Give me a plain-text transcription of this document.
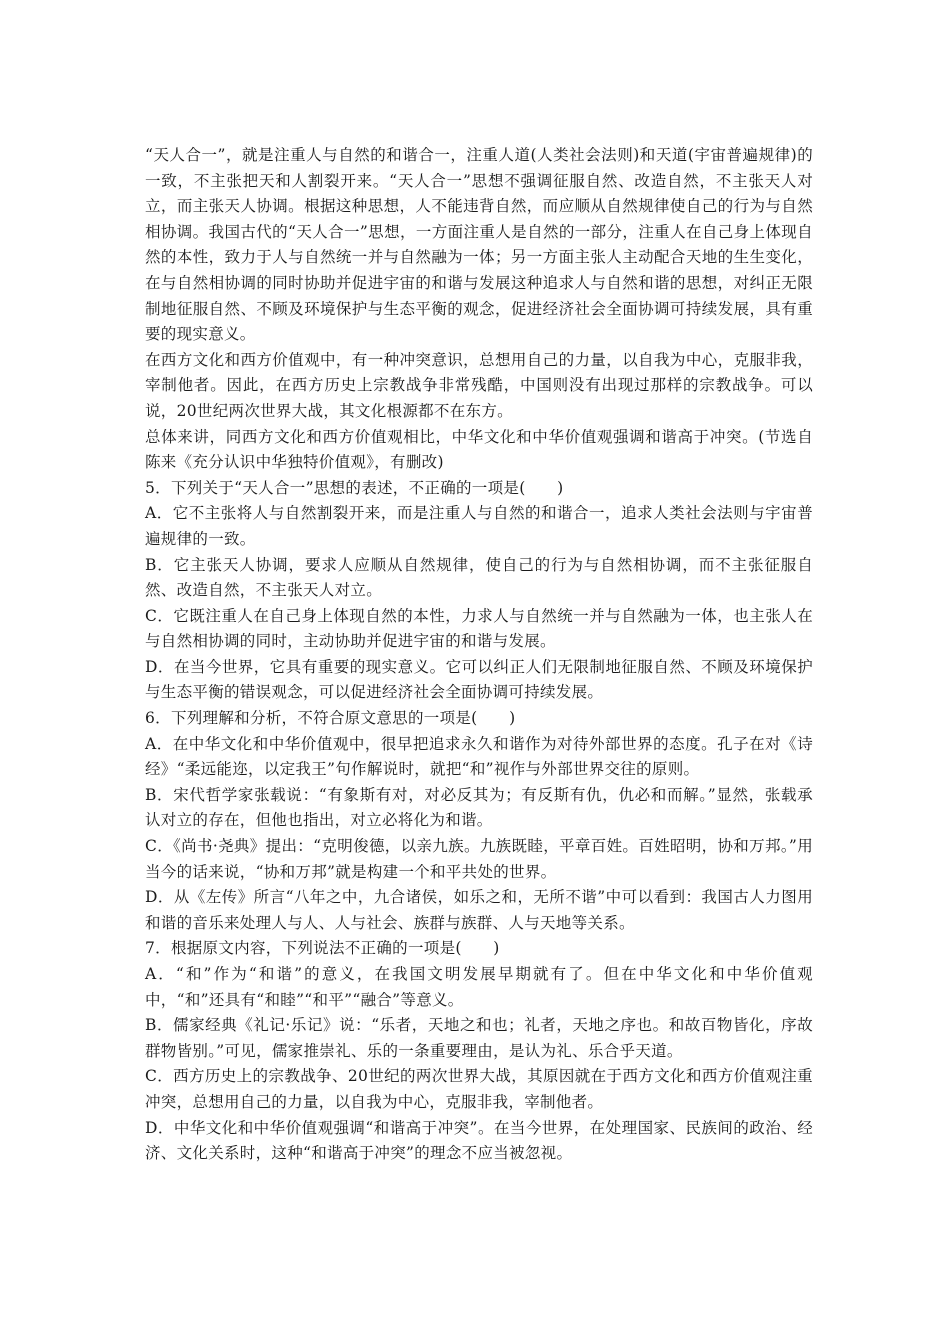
“天人合一”，就是注重人与自然的和谐合一，注重人道(人类社会法则)和天道(宇宙普遍规律)的一致，不主张把天和人割裂开来。“天人合一”思想不强调征服自然、改造自然，不主张天人对立，而主张天人协调。根据这种思想，人不能违背自然，而应顺从自然规律使自己的行为与自然相协调。我国古代的“天人合一”思想，一方面注重人是自然的一部分，注重人在自己身上体现自然的本性，致力于人与自然统一并与自然融为一体；另一方面主张人主动配合天地的生生变化，在与自然相协调的同时协助并促进宇宙的和谐与发展这种追求人与自然和谐的思想，对纠正无限制地征服自然、不顾及环境保护与生态平衡的观念，促进经济社会全面协调可持续发展，具有重要的现实意义。

在西方文化和西方价值观中，有一种冲突意识，总想用自己的力量，以自我为中心，克服非我，宰制他者。因此，在西方历史上宗教战争非常残酷，中国则没有出现过那样的宗教战争。可以说，20世纪两次世界大战，其文化根源都不在东方。

总体来讲，同西方文化和西方价值观相比，中华文化和中华价值观强调和谐高于冲突。(节选自陈来《充分认识中华独特价值观》，有删改)

5．下列关于“天人合一”思想的表述，不正确的一项是(　　)

A．它不主张将人与自然割裂开来，而是注重人与自然的和谐合一，追求人类社会法则与宇宙普遍规律的一致。

B．它主张天人协调，要求人应顺从自然规律，使自己的行为与自然相协调，而不主张征服自然、改造自然，不主张天人对立。

C．它既注重人在自己身上体现自然的本性，力求人与自然统一并与自然融为一体，也主张人在与自然相协调的同时，主动协助并促进宇宙的和谐与发展。

D．在当今世界，它具有重要的现实意义。它可以纠正人们无限制地征服自然、不顾及环境保护与生态平衡的错误观念，可以促进经济社会全面协调可持续发展。

6．下列理解和分析，不符合原文意思的一项是(　　)

A．在中华文化和中华价值观中，很早把追求永久和谐作为对待外部世界的态度。孔子在对《诗经》“柔远能迩，以定我王”句作解说时，就把“和”视作与外部世界交往的原则。

B．宋代哲学家张载说：“有象斯有对，对必反其为；有反斯有仇，仇必和而解。”显然，张载承认对立的存在，但他也指出，对立必将化为和谐。

C．《尚书·尧典》提出：“克明俊德，以亲九族。九族既睦，平章百姓。百姓昭明，协和万邦。”用当今的话来说，“协和万邦”就是构建一个和平共处的世界。

D．从《左传》所言“八年之中，九合诸侯，如乐之和，无所不谐”中可以看到：我国古人力图用和谐的音乐来处理人与人、人与社会、族群与族群、人与天地等关系。

7．根据原文内容，下列说法不正确的一项是(　　)

A．“和”作为“和谐”的意义，在我国文明发展早期就有了。但在中华文化和中华价值观中，“和”还具有“和睦”“和平”“融合”等意义。

B．儒家经典《礼记·乐记》说：“乐者，天地之和也；礼者，天地之序也。和故百物皆化，序故群物皆别。”可见，儒家推崇礼、乐的一条重要理由，是认为礼、乐合乎天道。

C．西方历史上的宗教战争、20世纪的两次世界大战，其原因就在于西方文化和西方价值观注重冲突，总想用自己的力量，以自我为中心，克服非我，宰制他者。

D．中华文化和中华价值观强调“和谐高于冲突”。在当今世界，在处理国家、民族间的政治、经济、文化关系时，这种“和谐高于冲突”的理念不应当被忽视。
